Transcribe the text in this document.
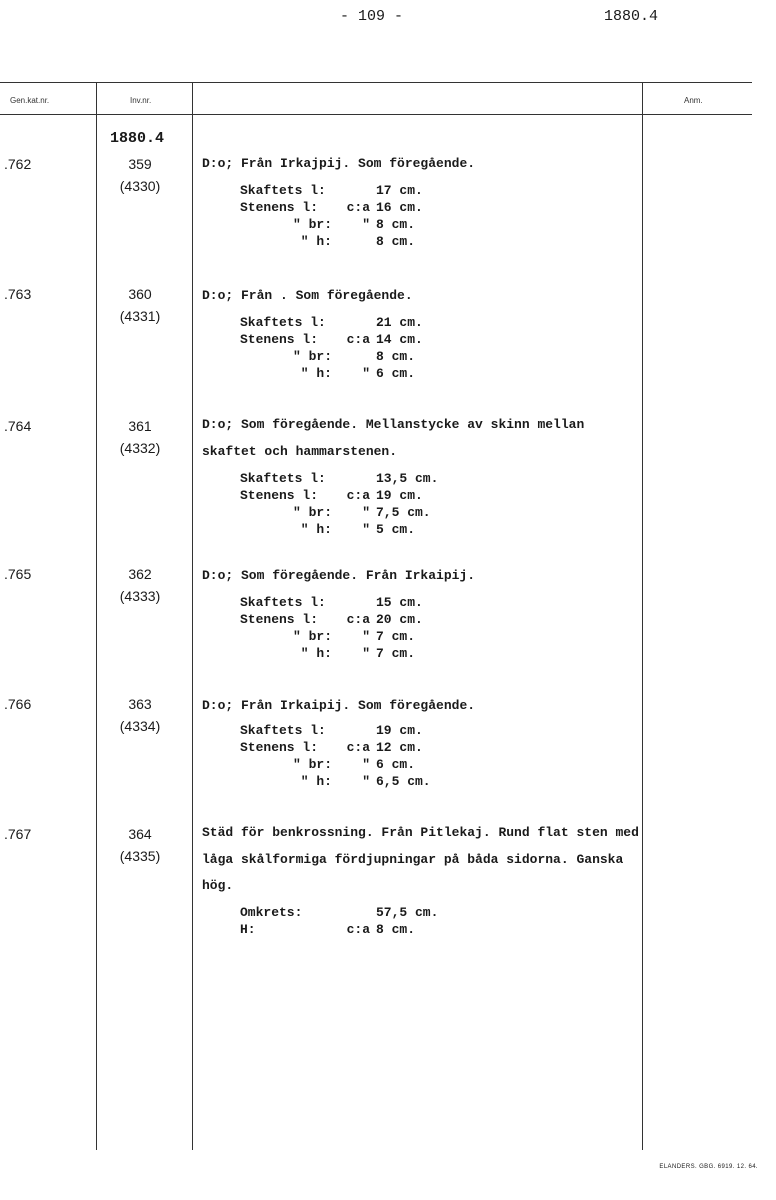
- 109 -	1880.4
Gen.kat.nr.	Inv.nr.	Anm.
1880.4
.762	359
(4330)
D:o; Från Irkajpij. Som föregående.
Skaftets l:	17 cm.
Stenens l:	c:a 16 cm.
" br:	" 8 cm.
" h:	8 cm.
.763	360
(4331)
D:o; Från . Som föregående.
Skaftets l:	21 cm.
Stenens l:	c:a 14 cm.
" br:	8 cm.
" h:	" 6 cm.
.764	361
(4332)
D:o; Som föregående. Mellanstycke av skinn mellan skaftet och hammarstenen.
Skaftets l:	13,5 cm.
Stenens l:	c:a 19 cm.
" br:	" 7,5 cm.
" h:	" 5 cm.
.765	362
(4333)
D:o; Som föregående. Från Irkaipij.
Skaftets l:	15 cm.
Stenens l:	c:a 20 cm.
" br:	" 7 cm.
" h:	" 7 cm.
.766	363
(4334)
D:o; Från Irkaipij. Som föregående.
Skaftets l:	19 cm.
Stenens l:	c:a 12 cm.
" br:	" 6 cm.
" h:	" 6,5 cm.
.767	364
(4335)
Städ för benkrossning. Från Pitlekaj. Rund flat sten med låga skålformiga fördjupningar på båda sidorna. Ganska hög.
Omkrets:	57,5 cm.
H:	c:a 8 cm.
ELANDERS. GBG. 6919. 12. 64.
